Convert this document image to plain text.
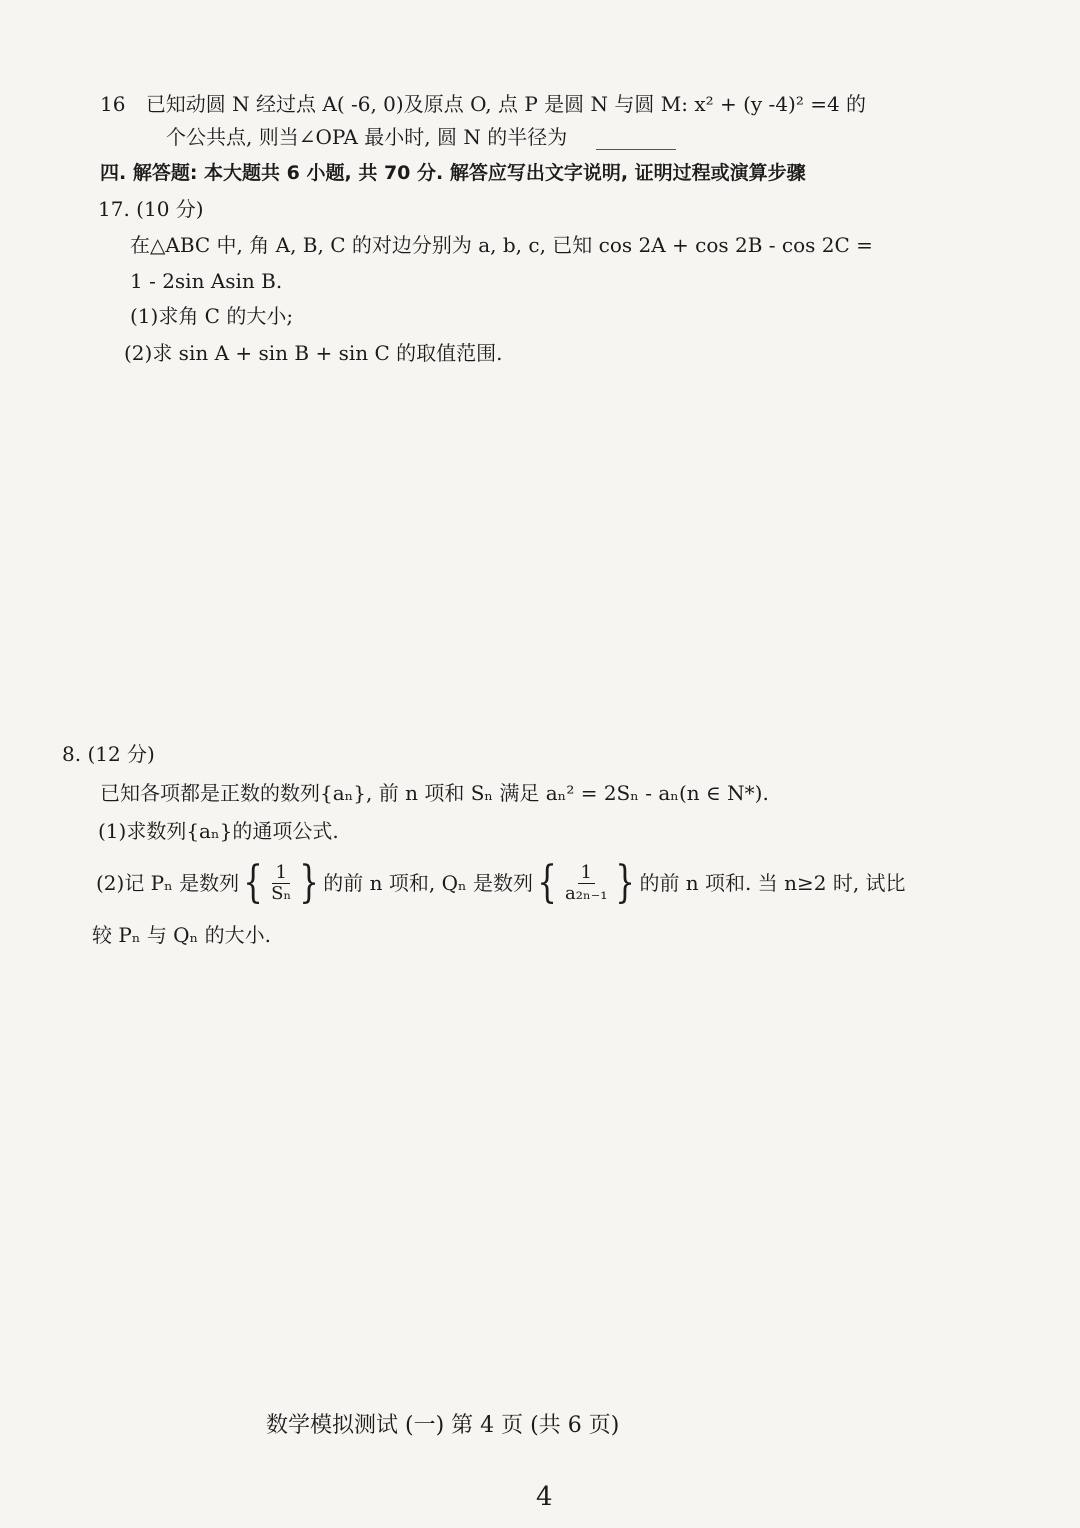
16 已知动圆 N 经过点 A( -6, 0)及原点 O, 点 P 是圆 N 与圆 M: x² + (y -4)² =4 的
个公共点, 则当∠OPA 最小时, 圆 N 的半径为
四. 解答题: 本大题共 6 小题, 共 70 分. 解答应写出文字说明, 证明过程或演算步骤
17. (10 分)
在△ABC 中, 角 A, B, C 的对边分别为 a, b, c, 已知 cos 2A + cos 2B - cos 2C =
1 - 2sin Asin B.
(1)求角 C 的大小;
(2)求 sin A + sin B + sin C 的取值范围.
8. (12 分)
已知各项都是正数的数列{aₙ}, 前 n 项和 Sₙ 满足 aₙ² = 2Sₙ - aₙ(n ∈ N*).
(1)求数列{aₙ}的通项公式.
(2)记 Pₙ 是数列 { $\frac{1}{\text{Sₙ}}$ } 的前 n 项和, Qₙ 是数列 { $\frac{1}{\text{a₂ₙ₋₁}}$ } 的前 n 项和. 当 n≥2 时, 试比
较 Pₙ 与 Qₙ 的大小.
数学模拟测试 (一) 第 4 页 (共 6 页)
4
